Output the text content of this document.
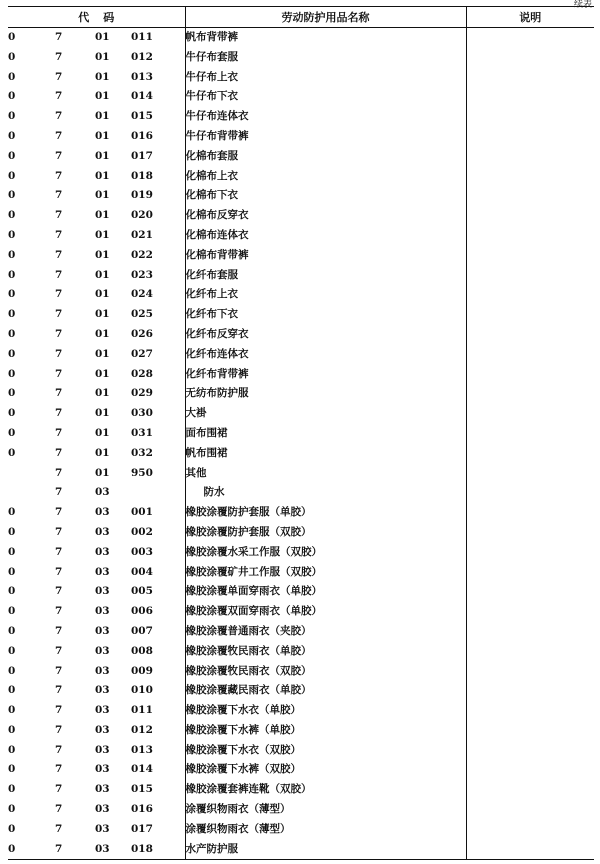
续表
代码				劳动防护用品名称	说明
0	7	01	011	帆布背带裤	
0	7	01	012	牛仔布套服	
0	7	01	013	牛仔布上衣	
0	7	01	014	牛仔布下衣	
0	7	01	015	牛仔布连体衣	
0	7	01	016	牛仔布背带裤	
0	7	01	017	化棉布套服	
0	7	01	018	化棉布上衣	
0	7	01	019	化棉布下衣	
0	7	01	020	化棉布反穿衣	
0	7	01	021	化棉布连体衣	
0	7	01	022	化棉布背带裤	
0	7	01	023	化纤布套服	
0	7	01	024	化纤布上衣	
0	7	01	025	化纤布下衣	
0	7	01	026	化纤布反穿衣	
0	7	01	027	化纤布连体衣	
0	7	01	028	化纤布背带裤	
0	7	01	029	无纺布防护服	
0	7	01	030	大褂	
0	7	01	031	面布围裙	
0	7	01	032	帆布围裙	
	7	01	950	其他	
	7	03		防水	
0	7	03	001	橡胶涂覆防护套服（单胶）	
0	7	03	002	橡胶涂覆防护套服（双胶）	
0	7	03	003	橡胶涂覆水采工作服（双胶）	
0	7	03	004	橡胶涂覆矿井工作服（双胶）	
0	7	03	005	橡胶涂覆单面穿雨衣（单胶）	
0	7	03	006	橡胶涂覆双面穿雨衣（单胶）	
0	7	03	007	橡胶涂覆普通雨衣（夹胶）	
0	7	03	008	橡胶涂覆牧民雨衣（单胶）	
0	7	03	009	橡胶涂覆牧民雨衣（双胶）	
0	7	03	010	橡胶涂覆藏民雨衣（单胶）	
0	7	03	011	橡胶涂覆下水衣（单胶）	
0	7	03	012	橡胶涂覆下水裤（单胶）	
0	7	03	013	橡胶涂覆下水衣（双胶）	
0	7	03	014	橡胶涂覆下水裤（双胶）	
0	7	03	015	橡胶涂覆套裤连靴（双胶）	
0	7	03	016	涂覆织物雨衣（薄型）	
0	7	03	017	涂覆织物雨衣（薄型）	
0	7	03	018	水产防护服	
